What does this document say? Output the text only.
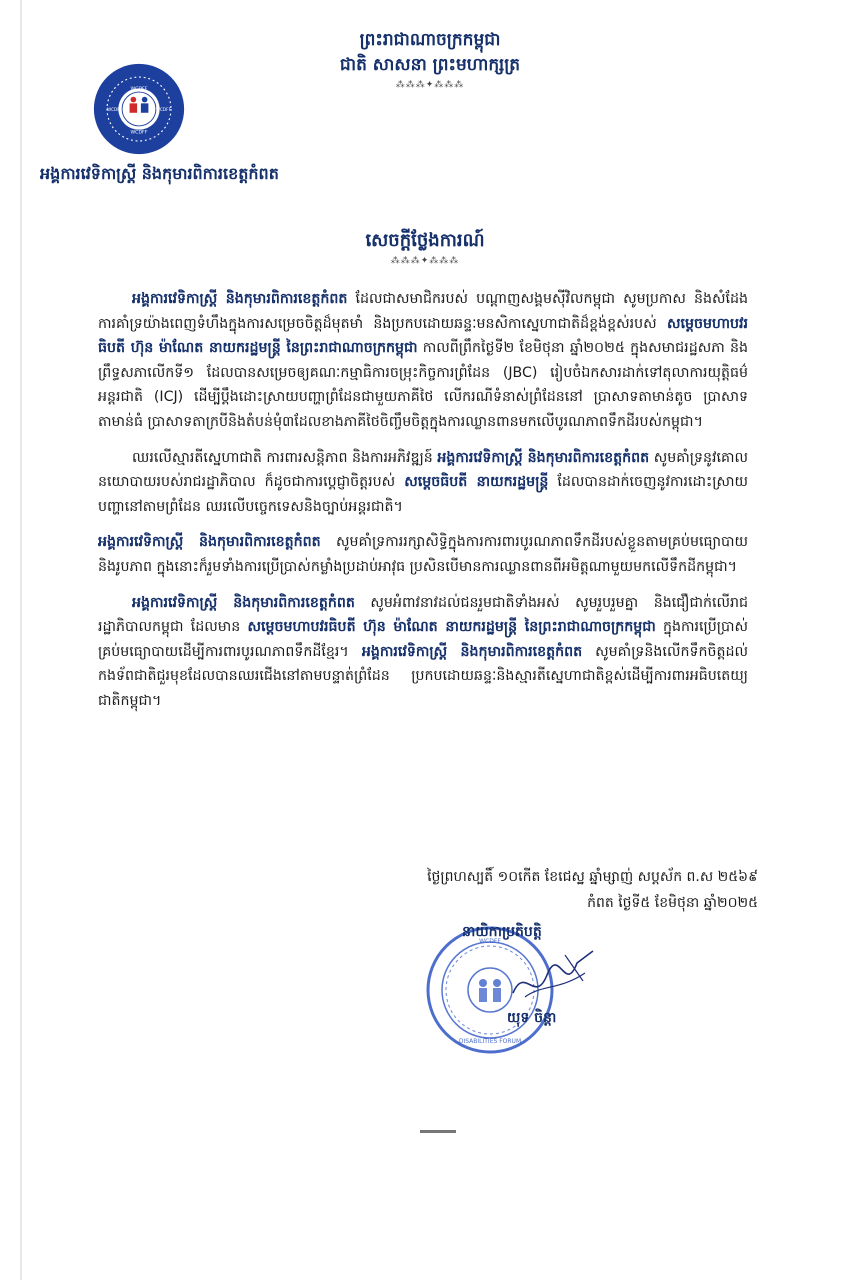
ព្រះរាជាណាចក្រកម្ពុជា
ជាតិ សាសនា ព្រះមហាក្សត្រ
⁂⁂⁂✦⁂⁂⁂
WCDFF
WCDFF
WCDFF	WCDFF
អង្គការវេទិកាស្ត្រី និងកុមារពិការខេត្តកំពត
សេចក្តីថ្លែងការណ៍
⁂⁂⁂✦⁂⁂⁂

អង្គការវេទិកាស្ត្រី និងកុមារពិការខេត្តកំពត ដែលជាសមាជិករបស់ បណ្តាញសង្គមស៊ីវិលកម្ពុជា សូមប្រកាស និងសំដែងការគាំទ្រយ៉ាងពេញទំហឹងក្នុងការសម្រេចចិត្តដ៏មុតមាំ និងប្រកបដោយឆន្ទៈមនសិកាស្នេហាជាតិដ៏ខ្ពង់ខ្ពស់របស់ សម្តេចមហាបវរធិបតី ហ៊ុន ម៉ាណែត នាយករដ្ឋមន្ត្រី នៃព្រះរាជាណាចក្រកម្ពុជា កាលពីព្រឹកថ្ងៃទី២ ខែមិថុនា ឆ្នាំ២០២៥ ក្នុងសមាជរដ្ឋសភា និងព្រឹទ្ធសភាលើកទី១ ដែលបានសម្រេចឲ្យគណៈកម្មាធិការចម្រុះកិច្ចការព្រំដែន (JBC) រៀបចំឯកសារដាក់ទៅតុលាការយុត្តិធម៌អន្តរជាតិ (ICJ) ដើម្បីប្តឹងដោះស្រាយបញ្ហាព្រំដែនជាមួយភាគីថៃ លើករណីទំនាស់ព្រំដែននៅ ប្រាសាទតាមាន់តូច ប្រាសាទតាមាន់ធំ ប្រាសាទតាក្របីនិងតំបន់មុំ៣ដែលខាងភាគីថៃចិញ្ចឹមចិត្តក្នុងការឈ្លានពានមកលើបូរណភាពទឹកដីរបស់កម្ពុជា។

ឈរលើស្មារតីស្នេហាជាតិ ការពារសន្តិភាព និងការអភិវឌ្ឍន៍ អង្គការវេទិកាស្ត្រី និងកុមារពិការខេត្តកំពត សូមគាំទ្រនូវគោលនយោបាយរបស់រាជរដ្ឋាភិបាល ក៏ដូចជាការប្តេជ្ញាចិត្តរបស់ សម្តេចធិបតី នាយករដ្ឋមន្ត្រី ដែលបានដាក់ចេញនូវការដោះស្រាយបញ្ហានៅតាមព្រំដែន ឈរលើបច្ចេកទេសនិងច្បាប់អន្តរជាតិ។

អង្គការវេទិកាស្ត្រី និងកុមារពិការខេត្តកំពត សូមគាំទ្រការរក្សាសិទ្ធិក្នុងការការពារបូរណភាពទឹកដីរបស់ខ្លួនតាមគ្រប់មធ្យោបាយ និងរូបភាព ក្នុងនោះក៏រួមទាំងការប្រើប្រាស់កម្លាំងប្រដាប់អាវុធ ប្រសិនបើមានការឈ្លានពានពីអមិត្តណាមួយមកលើទឹកដីកម្ពុជា។

អង្គការវេទិកាស្ត្រី និងកុមារពិការខេត្តកំពត សូមអំពាវនាវដល់ជនរួមជាតិទាំងអស់ សូមរួបរួមគ្នា និងជឿជាក់លើរាជរដ្ឋាភិបាលកម្ពុជា ដែលមាន សម្តេចមហាបវរធិបតី ហ៊ុន ម៉ាណែត នាយករដ្ឋមន្ត្រី នៃព្រះរាជាណាចក្រកម្ពុជា ក្នុងការប្រើប្រាស់គ្រប់មធ្យោបាយដើម្បីការពារបូរណភាពទឹកដីខ្មែរ។ អង្គការវេទិកាស្ត្រី និងកុមារពិការខេត្តកំពត សូមគាំទ្រនិងលើកទឹកចិត្តដល់កងទ័ពជាតិជួរមុខដែលបានឈរជើងនៅតាមបន្ទាត់ព្រំដែន ប្រកបដោយឆន្ទៈនិងស្មារតីស្នេហាជាតិខ្ពស់ដើម្បីការពារអធិបតេយ្យជាតិកម្ពុជា។

ថ្ងៃព្រហស្បតិ៍ ១០កើត ខែជេស្ឋ ឆ្នាំម្សាញ់ សប្តស័ក ព.ស ២៥៦៩
កំពត ថ្ងៃទី៥ ខែមិថុនា ឆ្នាំ២០២៥
DISABILITIES FORUM
WCDFF
នាយិកាប្រតិបត្តិ
យុទ ចិន្តា
